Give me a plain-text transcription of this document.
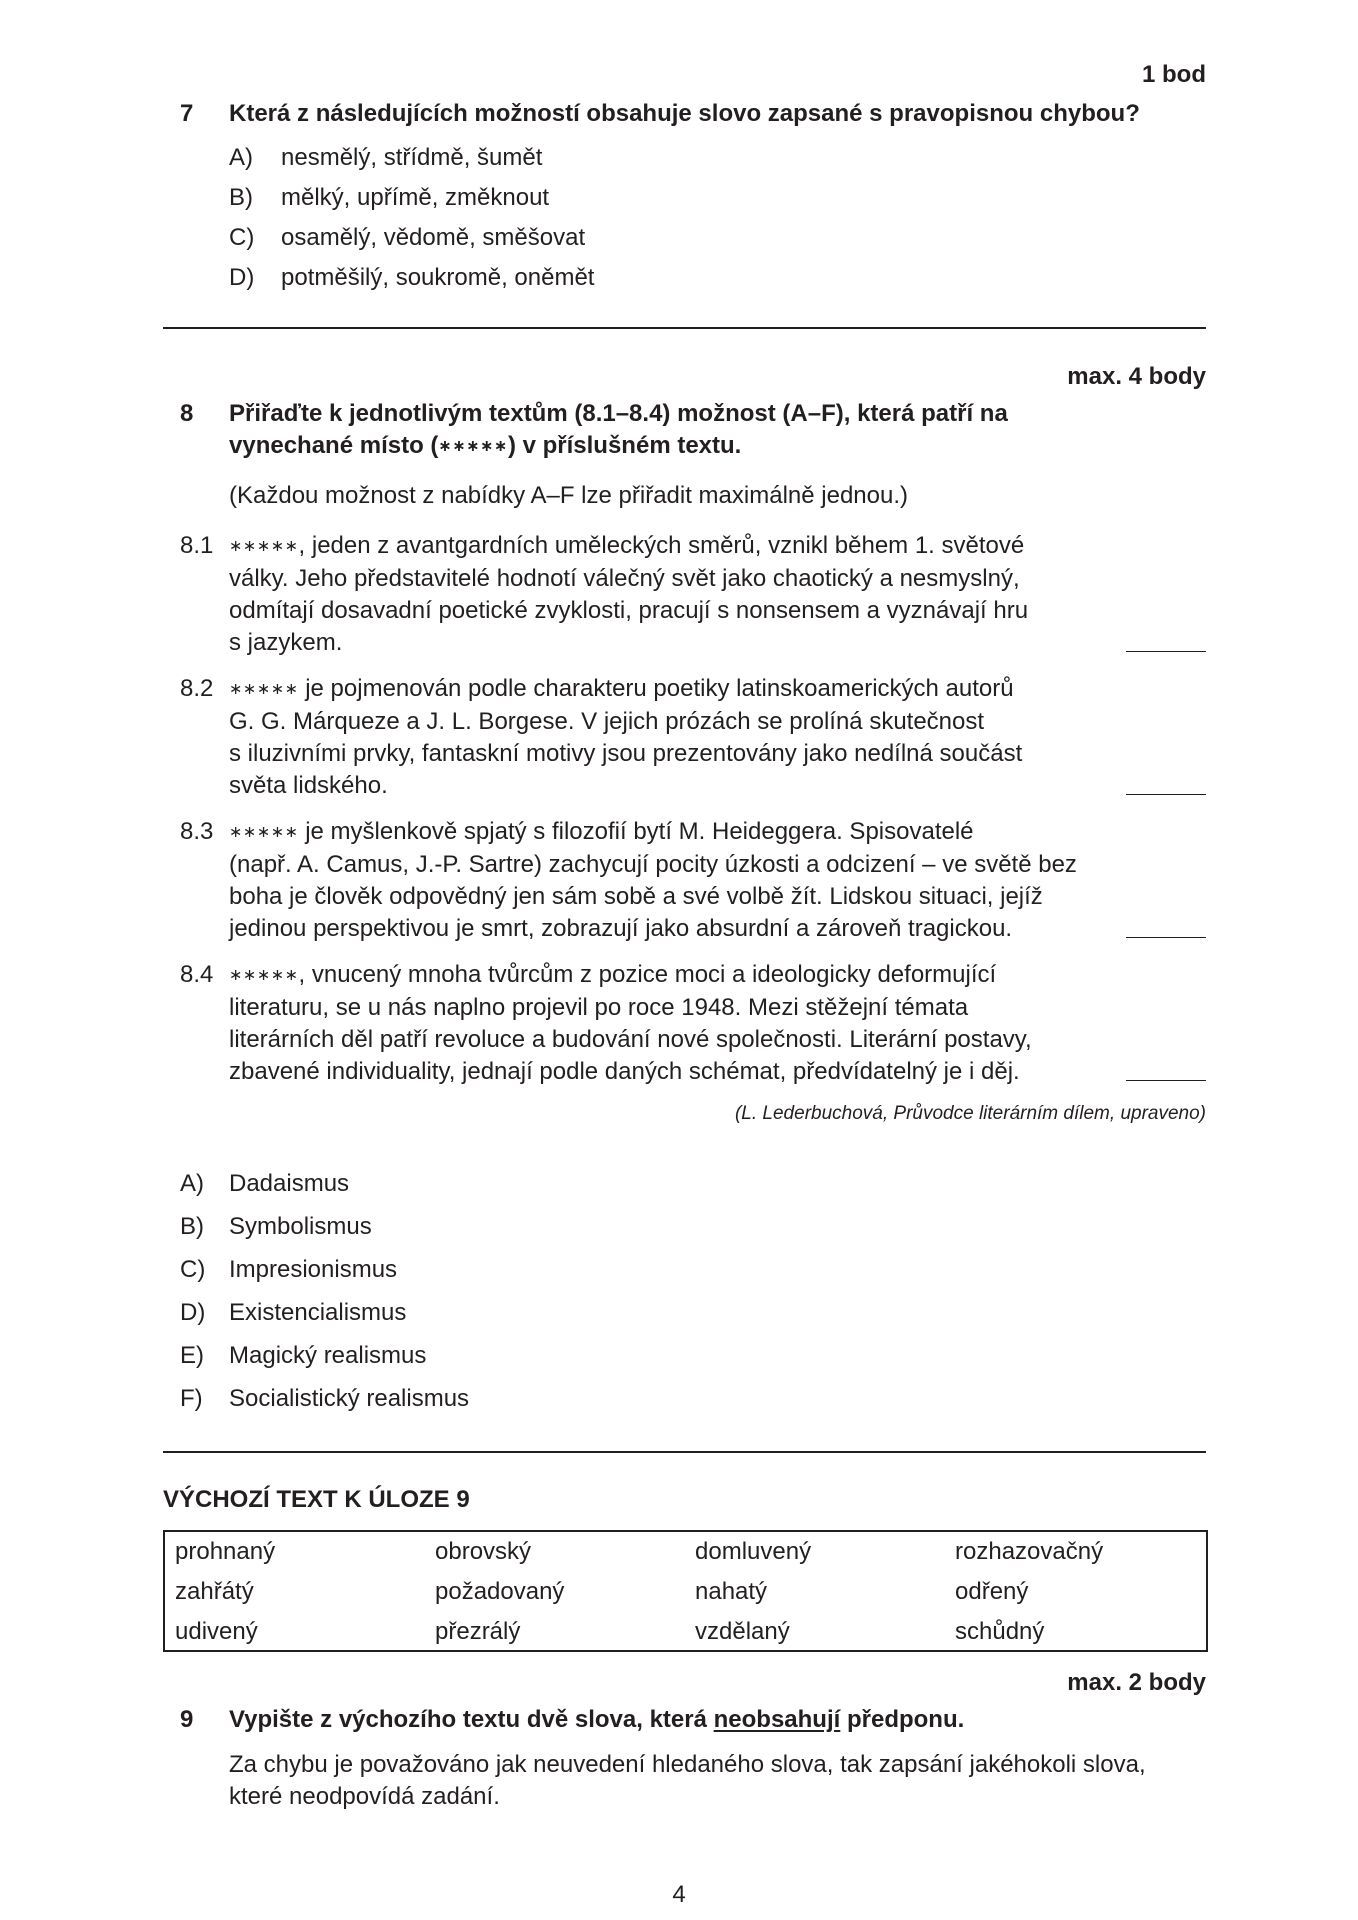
1 bod
7 Která z následujících možností obsahuje slovo zapsané s pravopisnou chybou?
A) nesmělý, střídmě, šumět
B) mělký, upřímě, změknout
C) osamělý, vědomě, směšovat
D) potměšilý, soukromě, oněmět
max. 4 body
8 Přiřaďte k jednotlivým textům (8.1–8.4) možnost (A–F), která patří na
vynechané místo (∗∗∗∗∗) v příslušném textu.
(Každou možnost z nabídky A–F lze přiřadit maximálně jednou.)
8.1 ∗∗∗∗∗, jeden z avantgardních uměleckých směrů, vznikl během 1. světové
války. Jeho představitelé hodnotí válečný svět jako chaotický a nesmyslný,
odmítají dosavadní poetické zvyklosti, pracují s nonsensem a vyznávají hru
s jazykem.
8.2 ∗∗∗∗∗ je pojmenován podle charakteru poetiky latinskoamerických autorů
G. G. Márqueze a J. L. Borgese. V jejich prózách se prolíná skutečnost
s iluzivními prvky, fantaskní motivy jsou prezentovány jako nedílná součást
světa lidského.
8.3 ∗∗∗∗∗ je myšlenkově spjatý s filozofií bytí M. Heideggera. Spisovatelé
(např. A. Camus, J.-P. Sartre) zachycují pocity úzkosti a odcizení – ve světě bez
boha je člověk odpovědný jen sám sobě a své volbě žít. Lidskou situaci, jejíž
jedinou perspektivou je smrt, zobrazují jako absurdní a zároveň tragickou.
8.4 ∗∗∗∗∗, vnucený mnoha tvůrcům z pozice moci a ideologicky deformující
literaturu, se u nás naplno projevil po roce 1948. Mezi stěžejní témata
literárních děl patří revoluce a budování nové společnosti. Literární postavy,
zbavené individuality, jednají podle daných schémat, předvídatelný je i děj.
(L. Lederbuchová, Průvodce literárním dílem, upraveno)
A) Dadaismus
B) Symbolismus
C) Impresionismus
D) Existencialismus
E) Magický realismus
F) Socialistický realismus
VÝCHOZÍ TEXT K ÚLOZE 9
prohnaný	obrovský	domluvený	rozhazovačný
zahřátý	požadovaný	nahatý	odřený
udivený	přezrálý	vzdělaný	schůdný
max. 2 body
9 Vypište z výchozího textu dvě slova, která neobsahují předponu.
Za chybu je považováno jak neuvedení hledaného slova, tak zapsání jakéhokoli slova,
které neodpovídá zadání.
4
